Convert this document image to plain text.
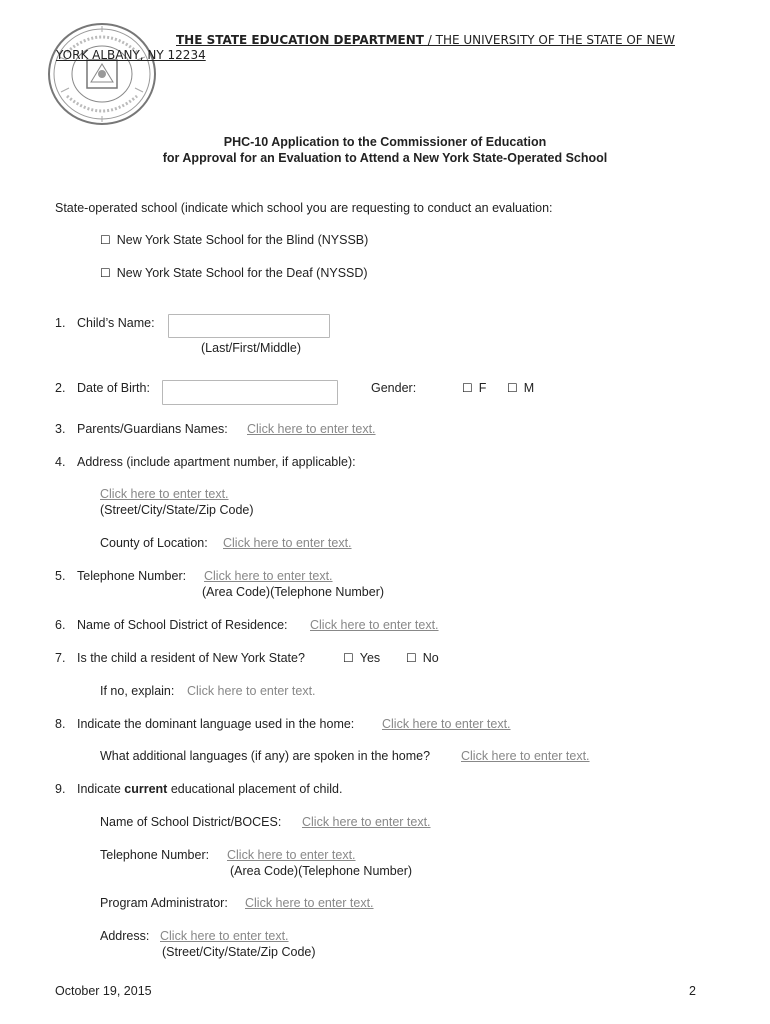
THE STATE EDUCATION DEPARTMENT / THE UNIVERSITY OF THE STATE OF NEW
YORK ALBANY, NY 12234
PHC-10 Application to the Commissioner of Education
for Approval for an Evaluation to Attend a New York State-Operated School
State-operated school (indicate which school you are requesting to conduct an evaluation:
☐ New York State School for the Blind (NYSSB)
☐ New York State School for the Deaf (NYSSD)
1. Child’s Name:
(Last/First/Middle)
2. Date of Birth:	Gender:	☐ F ☐ M
3. Parents/Guardians Names: Click here to enter text.
4. Address (include apartment number, if applicable):
Click here to enter text.
(Street/City/State/Zip Code)
County of Location: Click here to enter text.
5. Telephone Number: Click here to enter text.
(Area Code)(Telephone Number)
6. Name of School District of Residence: Click here to enter text.
7. Is the child a resident of New York State?	☐ Yes ☐ No
If no, explain: Click here to enter text.
8. Indicate the dominant language used in the home: Click here to enter text.
What additional languages (if any) are spoken in the home? Click here to enter text.
9. Indicate current educational placement of child.
Name of School District/BOCES: Click here to enter text.
Telephone Number: Click here to enter text.
(Area Code)(Telephone Number)
Program Administrator: Click here to enter text.
Address: Click here to enter text.
(Street/City/State/Zip Code)
October 19, 2015	2
